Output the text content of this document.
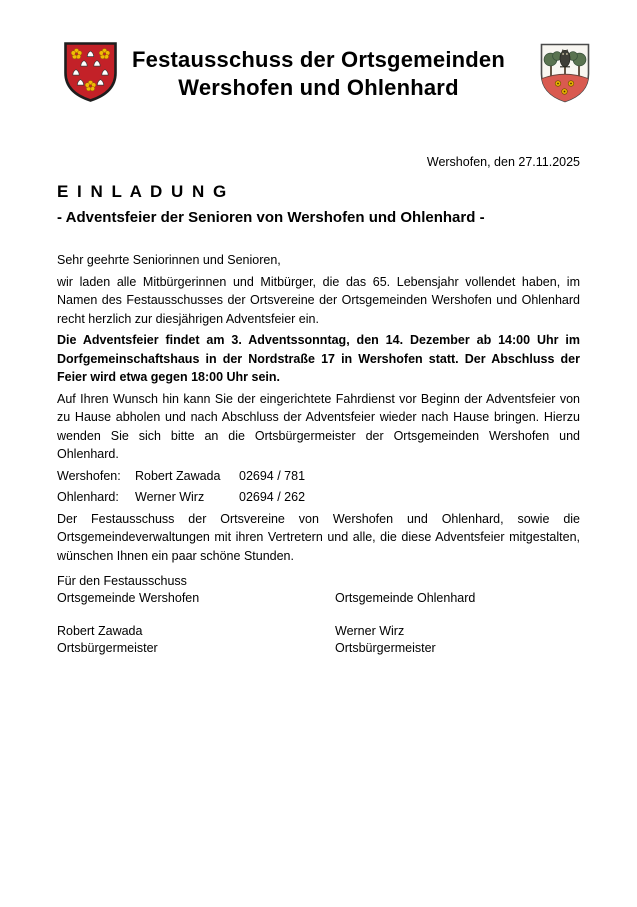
Festausschuss der Ortsgemeinden
Wershofen und Ohlenhard
Wershofen, den 27.11.2025
E I N L A D U N G
- Adventsfeier der Senioren von Wershofen und Ohlenhard -

Sehr geehrte Seniorinnen und Senioren,

wir laden alle Mitbürgerinnen und Mitbürger, die das 65. Lebensjahr vollendet haben, im Namen des Festausschusses der Ortsvereine der Ortsgemeinden Wershofen und Ohlenhard recht herzlich zur diesjährigen Adventsfeier ein.

Die Adventsfeier findet am 3. Adventssonntag, den 14. Dezember ab 14:00 Uhr im Dorfgemeinschaftshaus in der Nordstraße 17 in Wershofen statt. Der Abschluss der Feier wird etwa gegen 18:00 Uhr sein.

Auf Ihren Wunsch hin kann Sie der eingerichtete Fahrdienst vor Beginn der Adventsfeier von zu Hause abholen und nach Abschluss der Adventsfeier wieder nach Hause bringen. Hierzu wenden Sie sich bitte an die Ortsbürgermeister der Ortsgemeinden Wershofen und Ohlenhard.

Wershofen:	Robert Zawada	02694 / 781
Ohlenhard:	Werner Wirz	02694 / 262

Der Festausschuss der Ortsvereine von Wershofen und Ohlenhard, sowie die Ortsgemeindeverwaltungen mit ihren Vertretern und alle, die diese Adventsfeier mitgestalten, wünschen Ihnen ein paar schöne Stunden.

Für den Festausschuss
Ortsgemeinde Wershofen	Ortsgemeinde Ohlenhard
Robert Zawada	Werner Wirz
Ortsbürgermeister	Ortsbürgermeister
